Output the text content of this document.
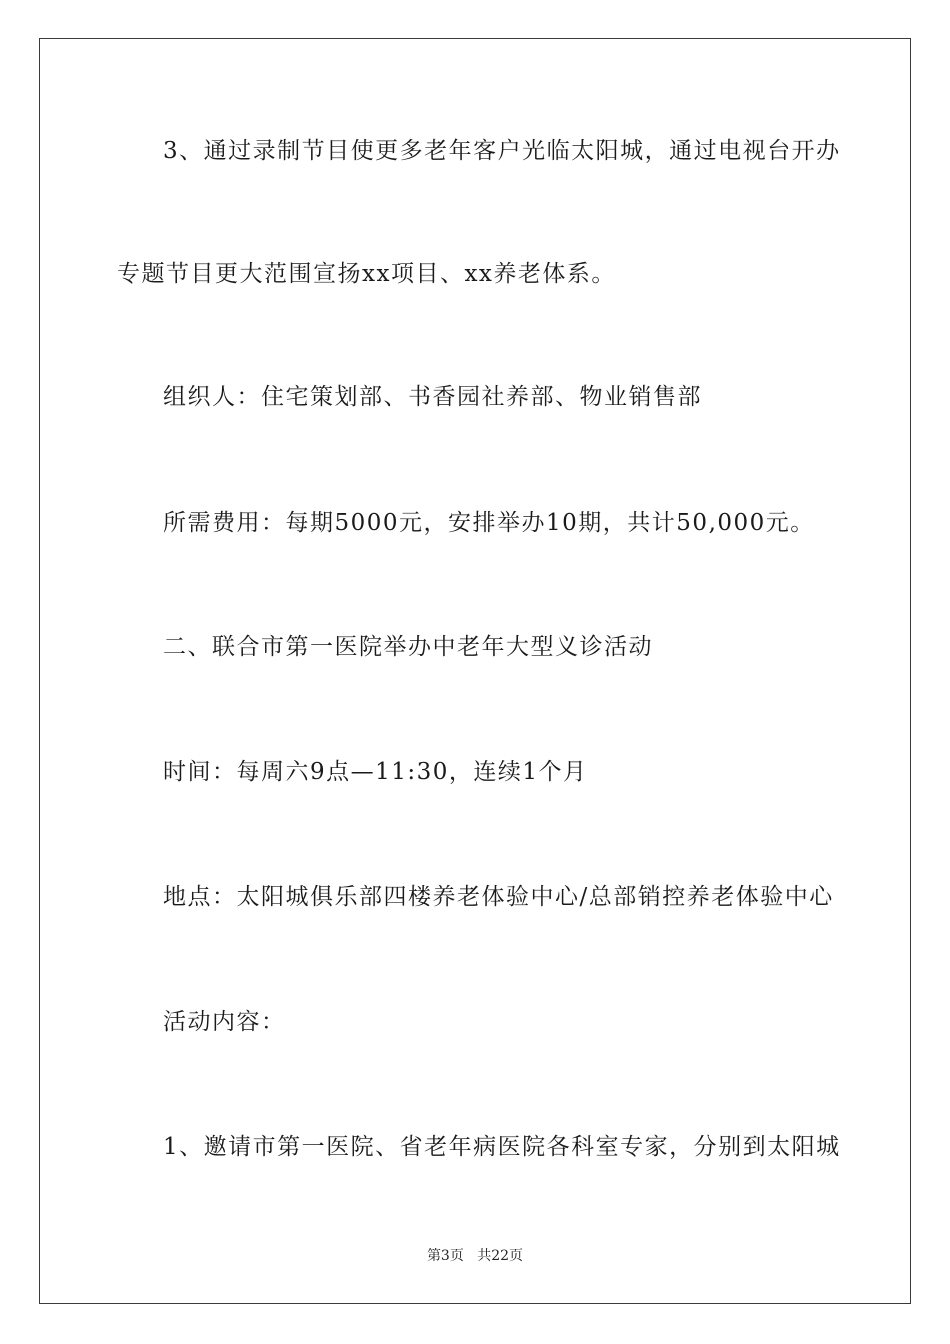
3、通过录制节目使更多老年客户光临太阳城，通过电视台开办
专题节目更大范围宣扬xx项目、xx养老体系。
组织人：住宅策划部、书香园社养部、物业销售部
所需费用：每期5000元，安排举办10期，共计50,000元。
二、联合市第一医院举办中老年大型义诊活动
时间：每周六9点—11:30，连续1个月
地点：太阳城俱乐部四楼养老体验中心/总部销控养老体验中心
活动内容：
1、邀请市第一医院、省老年病医院各科室专家，分别到太阳城
第3页 共22页
